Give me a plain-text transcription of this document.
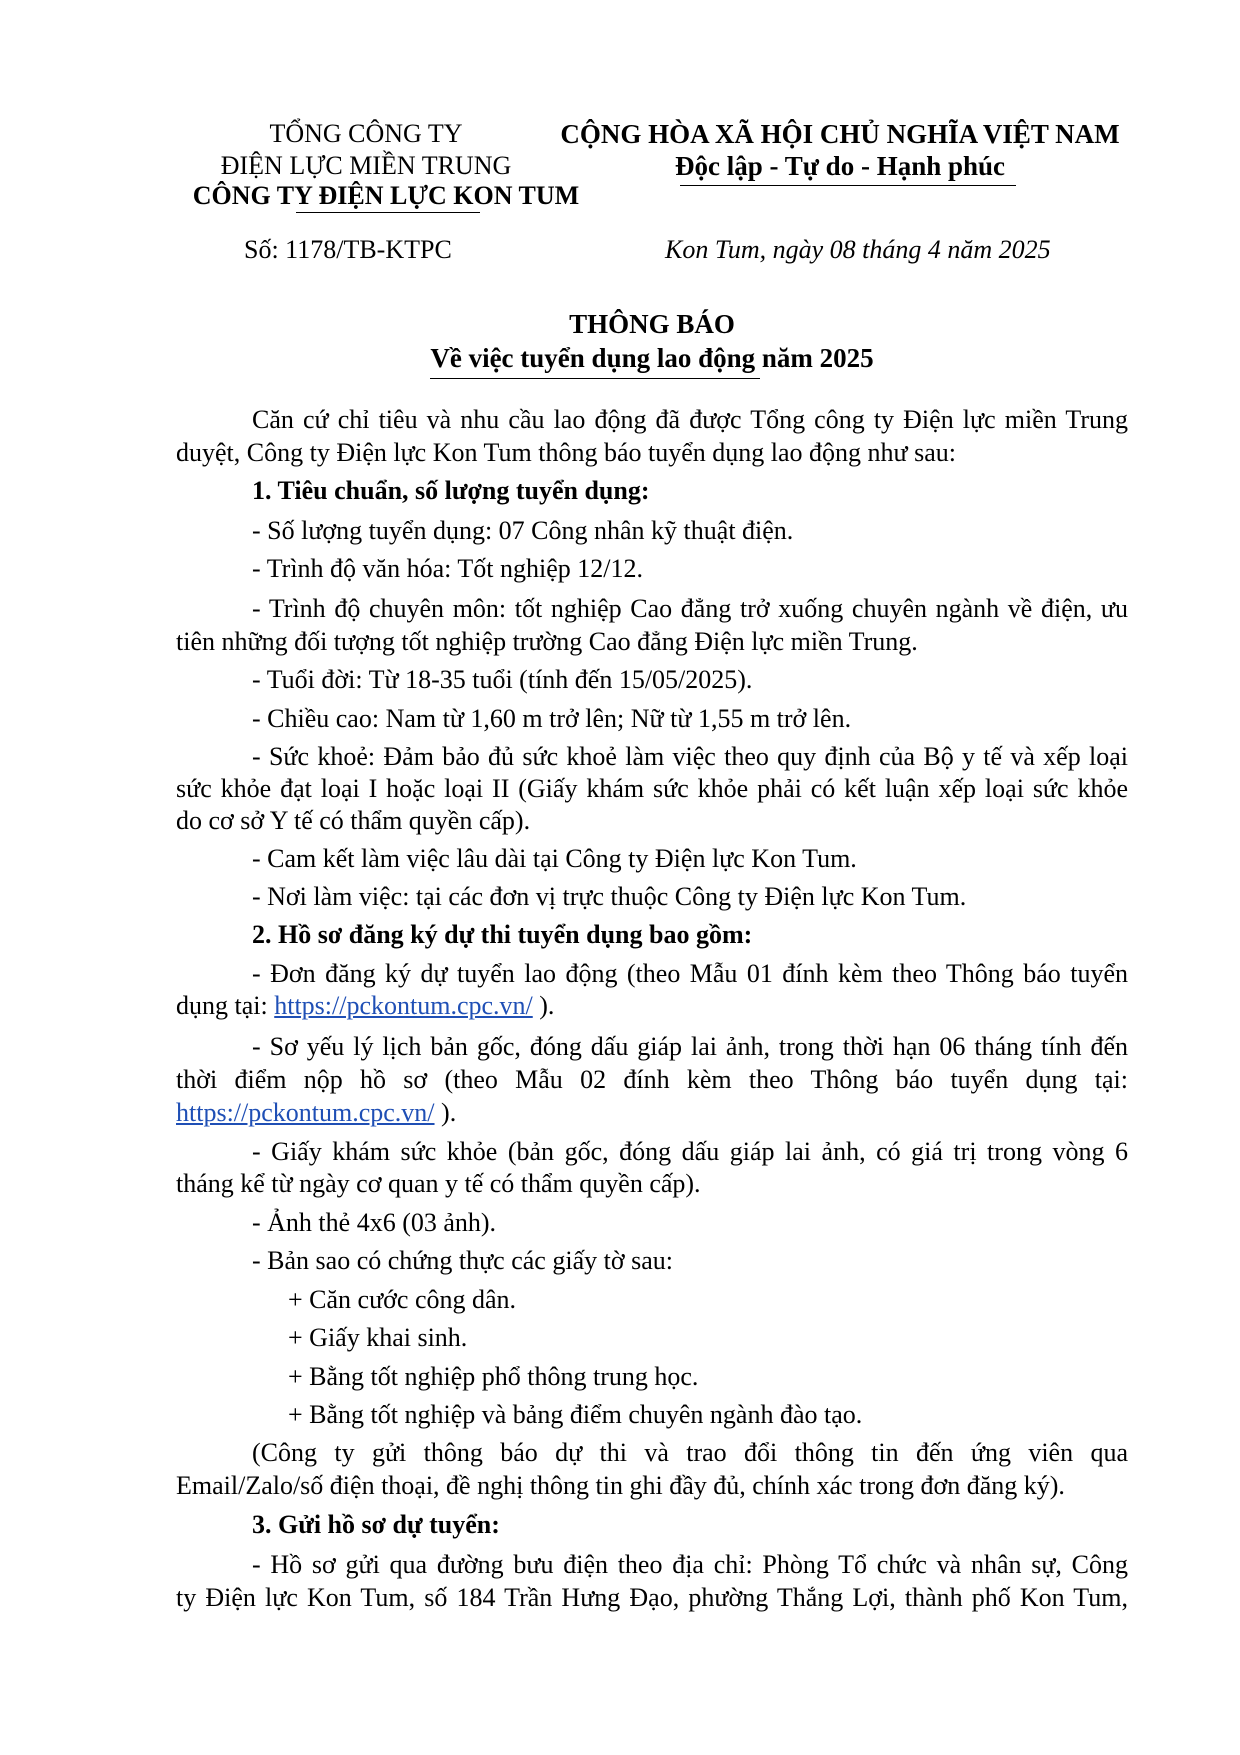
TỔNG CÔNG TY
ĐIỆN LỰC MIỀN TRUNG
CÔNG TY ĐIỆN LỰC KON TUM
CỘNG HÒA XÃ HỘI CHỦ NGHĨA VIỆT NAM
Độc lập - Tự do - Hạnh phúc
Số: 1178/TB-KTPC	Kon Tum, ngày 08 tháng 4 năm 2025
THÔNG BÁO
Về việc tuyển dụng lao động năm 2025
Căn cứ chỉ tiêu và nhu cầu lao động đã được Tổng công ty Điện lực miền Trung
duyệt, Công ty Điện lực Kon Tum thông báo tuyển dụng lao động như sau:
1. Tiêu chuẩn, số lượng tuyển dụng:
- Số lượng tuyển dụng: 07 Công nhân kỹ thuật điện.
- Trình độ văn hóa: Tốt nghiệp 12/12.
- Trình độ chuyên môn: tốt nghiệp Cao đẳng trở xuống chuyên ngành về điện, ưu
tiên những đối tượng tốt nghiệp trường Cao đẳng Điện lực miền Trung.
- Tuổi đời: Từ 18-35 tuổi (tính đến 15/05/2025).
- Chiều cao: Nam từ 1,60 m trở lên; Nữ từ 1,55 m trở lên.
- Sức khoẻ: Đảm bảo đủ sức khoẻ làm việc theo quy định của Bộ y tế và xếp loại
sức khỏe đạt loại I hoặc loại II (Giấy khám sức khỏe phải có kết luận xếp loại sức khỏe
do cơ sở Y tế có thẩm quyền cấp).
- Cam kết làm việc lâu dài tại Công ty Điện lực Kon Tum.
- Nơi làm việc: tại các đơn vị trực thuộc Công ty Điện lực Kon Tum.
2. Hồ sơ đăng ký dự thi tuyển dụng bao gồm:
- Đơn đăng ký dự tuyển lao động (theo Mẫu 01 đính kèm theo Thông báo tuyển
dụng tại: https://pckontum.cpc.vn/ ).
- Sơ yếu lý lịch bản gốc, đóng dấu giáp lai ảnh, trong thời hạn 06 tháng tính đến
thời điểm nộp hồ sơ (theo Mẫu 02 đính kèm theo Thông báo tuyển dụng tại:
https://pckontum.cpc.vn/ ).
- Giấy khám sức khỏe (bản gốc, đóng dấu giáp lai ảnh, có giá trị trong vòng 6
tháng kể từ ngày cơ quan y tế có thẩm quyền cấp).
- Ảnh thẻ 4x6 (03 ảnh).
- Bản sao có chứng thực các giấy tờ sau:
+ Căn cước công dân.
+ Giấy khai sinh.
+ Bằng tốt nghiệp phổ thông trung học.
+ Bằng tốt nghiệp và bảng điểm chuyên ngành đào tạo.
(Công ty gửi thông báo dự thi và trao đổi thông tin đến ứng viên qua
Email/Zalo/số điện thoại, đề nghị thông tin ghi đầy đủ, chính xác trong đơn đăng ký).
3. Gửi hồ sơ dự tuyển:
- Hồ sơ gửi qua đường bưu điện theo địa chỉ: Phòng Tổ chức và nhân sự, Công
ty Điện lực Kon Tum, số 184 Trần Hưng Đạo, phường Thắng Lợi, thành phố Kon Tum,
